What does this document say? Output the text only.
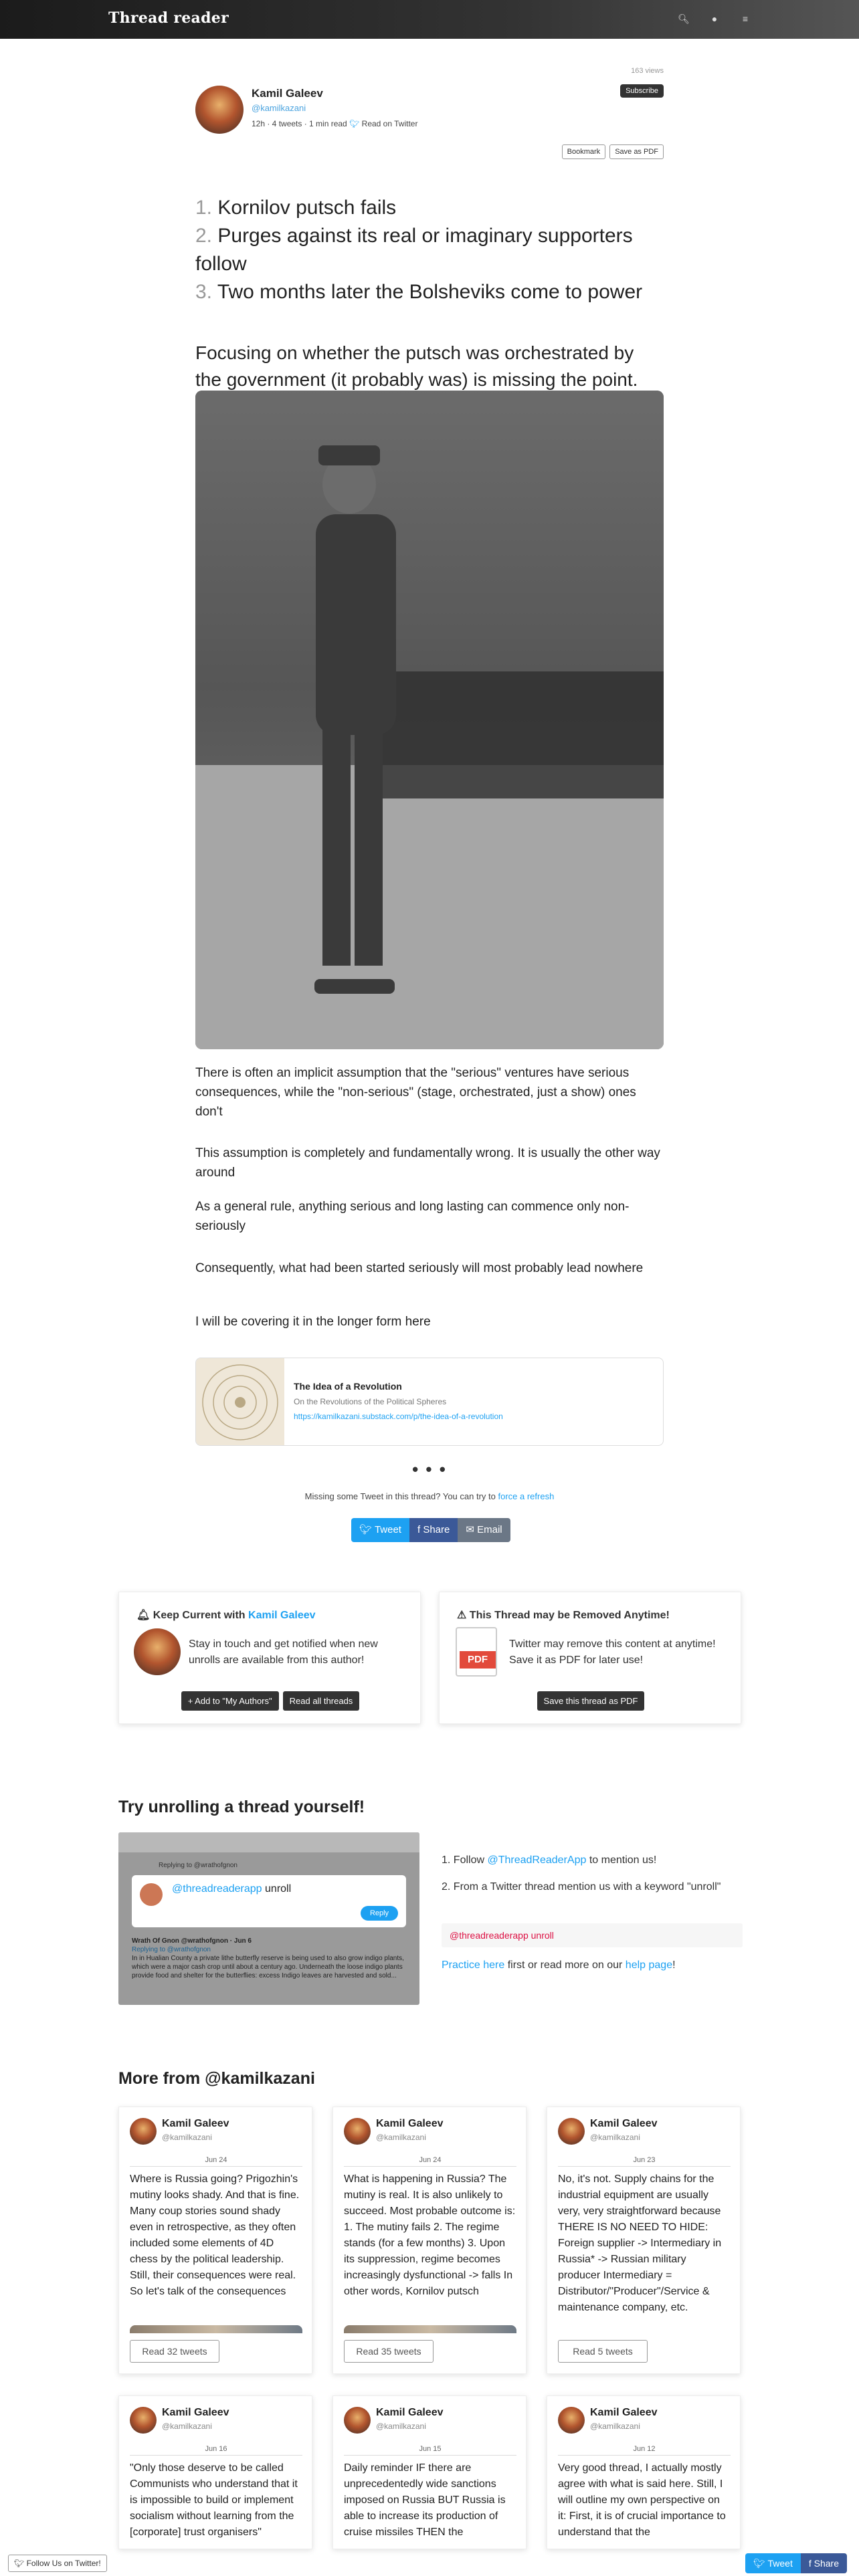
Thread reader	🔍︎	●	≡
Kamil Galeev
@kamilkazani
12h · 4 tweets · 1 min read 🐦︎ Read on Twitter
163 views
Subscribe
Bookmark	Save as PDF
1. Kornilov putsch fails
2. Purges against its real or imaginary supporters follow
3. Two months later the Bolsheviks come to power
Focusing on whether the putsch was orchestrated by the government (it probably was) is missing the point.
There is often an implicit assumption that the "serious" ventures have serious consequences, while the "non-serious" (stage, orchestrated, just a show) ones don't
This assumption is completely and fundamentally wrong. It is usually the other way around
As a general rule, anything serious and long lasting can commence only non-seriously
Consequently, what had been started seriously will most probably lead nowhere
I will be covering it in the longer form here
The Idea of a Revolution
On the Revolutions of the Political Spheres
https://kamilkazani.substack.com/p/the-idea-of-a-revolution
• • •
Missing some Tweet in this thread? You can try to force a refresh
🐦︎ Tweet	f Share	✉ Email
🔔︎ Keep Current with Kamil Galeev
Stay in touch and get notified when new unrolls are available from this author!
+ Add to "My Authors"	Read all threads
⚠︎ This Thread may be Removed Anytime!
PDF
Twitter may remove this content at anytime! Save it as PDF for later use!
Save this thread as PDF
Try unrolling a thread yourself!
Replying to @wrathofgnon
@threadreaderapp unroll
Reply
Wrath Of Gnon @wrathofgnon · Jun 6
Replying to @wrathofgnon
In in Hualian County a private lithe butterfly reserve is being used to also grow indigo plants, which were a major cash crop until about a century ago. Underneath the loose indigo plants provide food and shelter for the butterflies: excess Indigo leaves are harvested and sold...
1. Follow @ThreadReaderApp to mention us!
2. From a Twitter thread mention us with a keyword "unroll"
@threadreaderapp unroll
Practice here first or read more on our help page!
More from @kamilkazani
Kamil Galeev
@kamilkazani
Jun 24
Where is Russia going? Prigozhin's mutiny looks shady. And that is fine. Many coup stories sound shady even in retrospective, as they often included some elements of 4D chess by the political leadership. Still, their consequences were real. So let's talk of the consequences
Read 32 tweets
Kamil Galeev
@kamilkazani
Jun 24
What is happening in Russia? The mutiny is real. It is also unlikely to succeed. Most probable outcome is: 1. The mutiny fails 2. The regime stands (for a few months) 3. Upon its suppression, regime becomes increasingly dysfunctional -> falls In other words, Kornilov putsch
Read 35 tweets
Kamil Galeev
@kamilkazani
Jun 23
No, it's not. Supply chains for the industrial equipment are usually very, very straightforward because THERE IS NO NEED TO HIDE: Foreign supplier -> Intermediary in Russia* -> Russian military producer Intermediary = Distributor/"Producer"/Service & maintenance company, etc.
Read 5 tweets
Kamil Galeev
@kamilkazani
Jun 16
"Only those deserve to be called Communists who understand that it is impossible to build or implement socialism without learning from the [corporate] trust organisers"
Kamil Galeev
@kamilkazani
Jun 15
Daily reminder IF there are unprecedentedly wide sanctions imposed on Russia BUT Russia is able to increase its production of cruise missiles THEN the
Kamil Galeev
@kamilkazani
Jun 12
Very good thread, I actually mostly agree with what is said here. Still, I will outline my own perspective on it: First, it is of crucial importance to understand that the
🐦︎ Follow Us on Twitter!	🐦︎ Tweet	f Share
